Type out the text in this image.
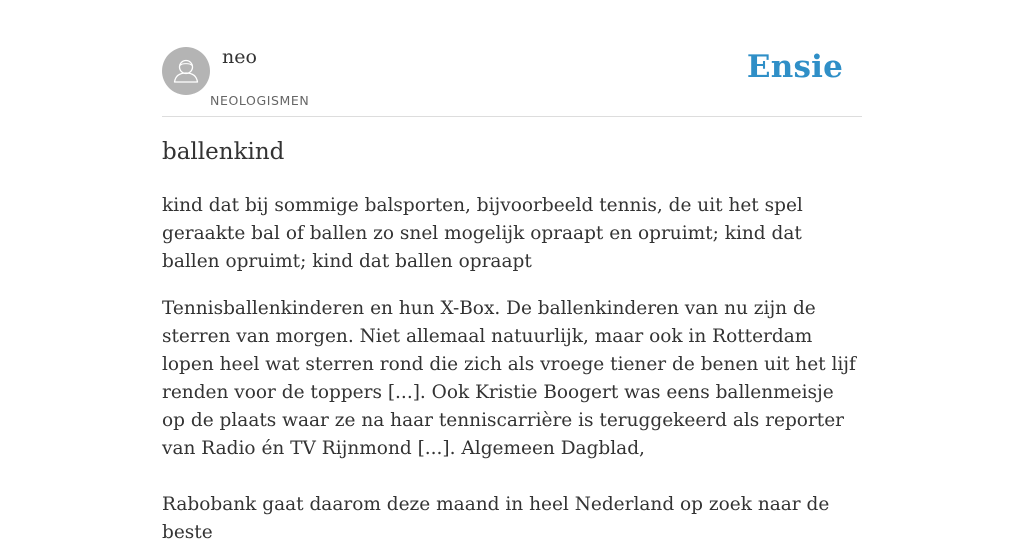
neo
NEOLOGISMEN
Ensie
ballenkind

kind dat bij sommige balsporten, bijvoorbeeld tennis, de uit het spel geraakte bal of ballen zo snel mogelijk opraapt en opruimt; kind dat ballen opruimt; kind dat ballen opraapt

Tennisballenkinderen en hun X-Box. De ballenkinderen van nu zijn de sterren van morgen. Niet allemaal natuurlijk, maar ook in Rotterdam lopen heel wat sterren rond die zich als vroege tiener de benen uit het lijf renden voor de toppers [...]. Ook Kristie Boogert was eens ballenmeisje op de plaats waar ze na haar tenniscarrière is teruggekeerd als reporter van Radio én TV Rijnmond [...]. Algemeen Dagblad,

Rabobank gaat daarom deze maand in heel Nederland op zoek naar de beste
